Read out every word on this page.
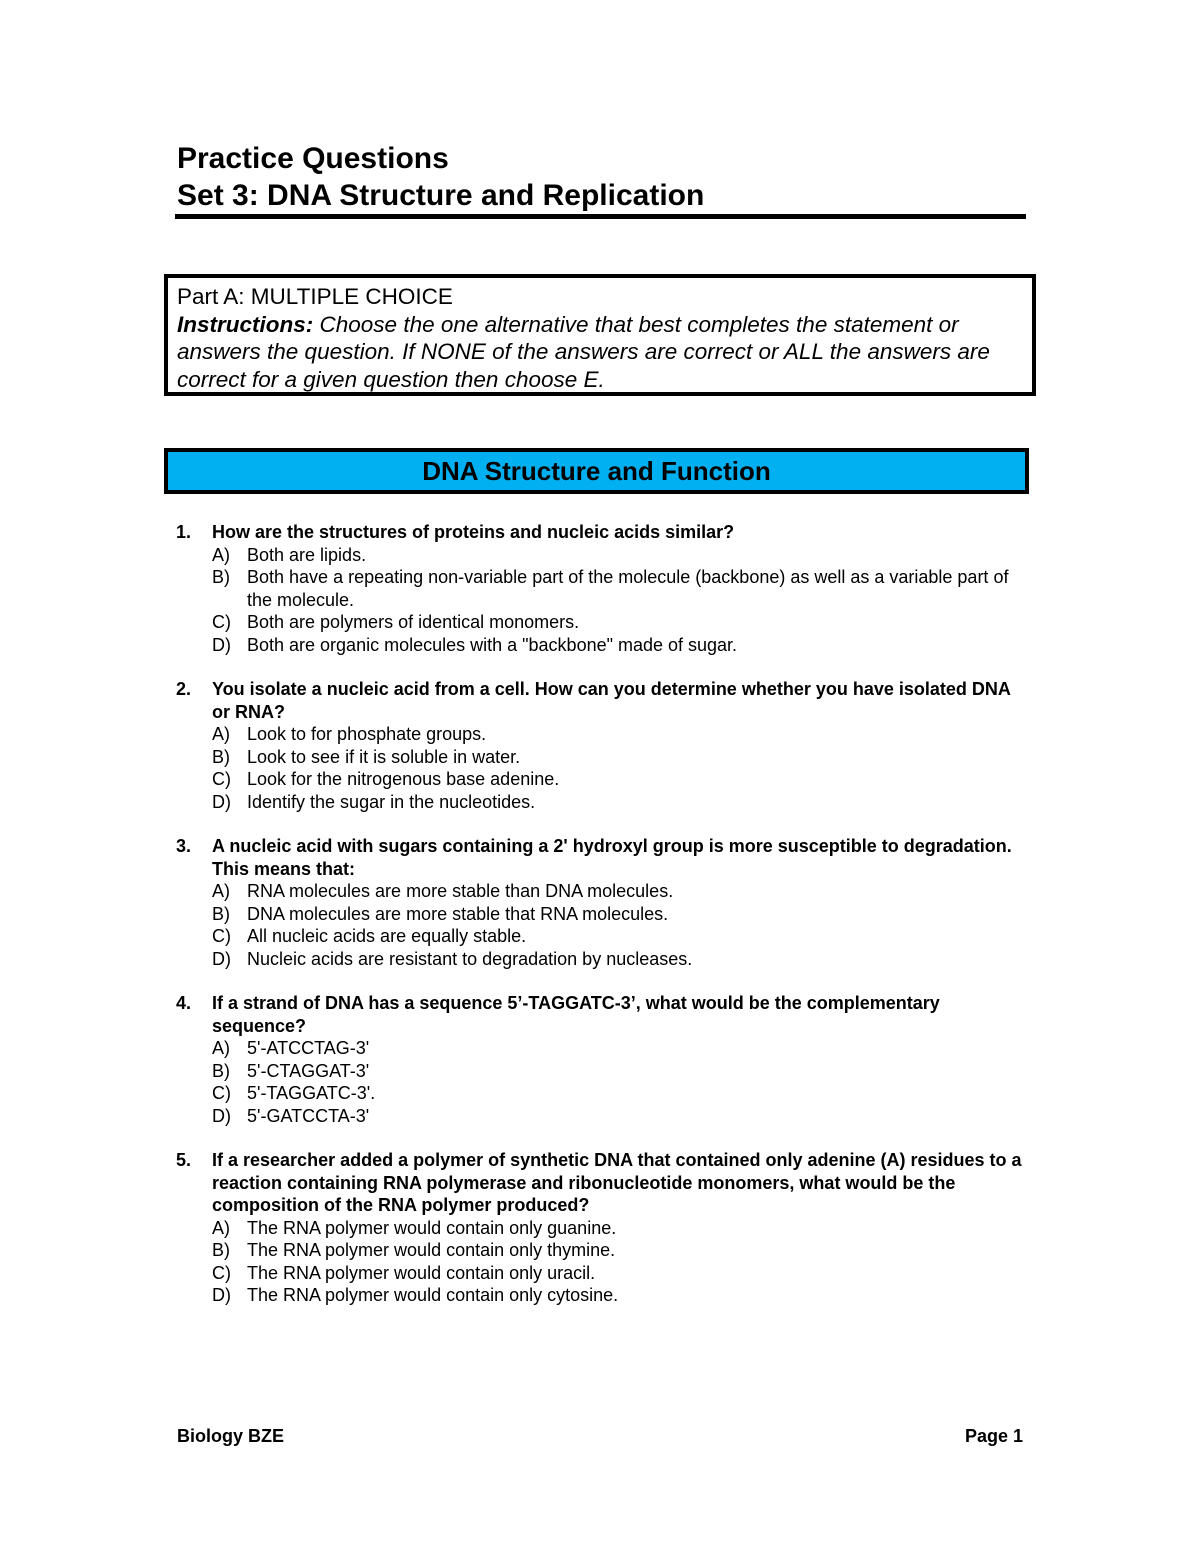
Practice Questions
Set 3: DNA Structure and Replication
Part A: MULTIPLE CHOICE
Instructions: Choose the one alternative that best completes the statement or answers the question. If NONE of the answers are correct or ALL the answers are correct for a given question then choose E.
DNA Structure and Function
1.	How are the structures of proteins and nucleic acids similar?
A) Both are lipids.
B) Both have a repeating non-variable part of the molecule (backbone) as well as a variable part of the molecule.
C) Both are polymers of identical monomers.
D) Both are organic molecules with a "backbone" made of sugar.
2.	You isolate a nucleic acid from a cell. How can you determine whether you have isolated DNA or RNA?
A) Look to for phosphate groups.
B) Look to see if it is soluble in water.
C) Look for the nitrogenous base adenine.
D) Identify the sugar in the nucleotides.
3.	A nucleic acid with sugars containing a 2' hydroxyl group is more susceptible to degradation. This means that:
A) RNA molecules are more stable than DNA molecules.
B) DNA molecules are more stable that RNA molecules.
C) All nucleic acids are equally stable.
D) Nucleic acids are resistant to degradation by nucleases.
4.	If a strand of DNA has a sequence 5’-TAGGATC-3’, what would be the complementary sequence?
A) 5'-ATCCTAG-3'
B) 5'-CTAGGAT-3'
C) 5'-TAGGATC-3'.
D) 5'-GATCCTA-3'
5.	If a researcher added a polymer of synthetic DNA that contained only adenine (A) residues to a reaction containing RNA polymerase and ribonucleotide monomers, what would be the composition of the RNA polymer produced?
A) The RNA polymer would contain only guanine.
B) The RNA polymer would contain only thymine.
C) The RNA polymer would contain only uracil.
D) The RNA polymer would contain only cytosine.
Biology BZE	Page 1
